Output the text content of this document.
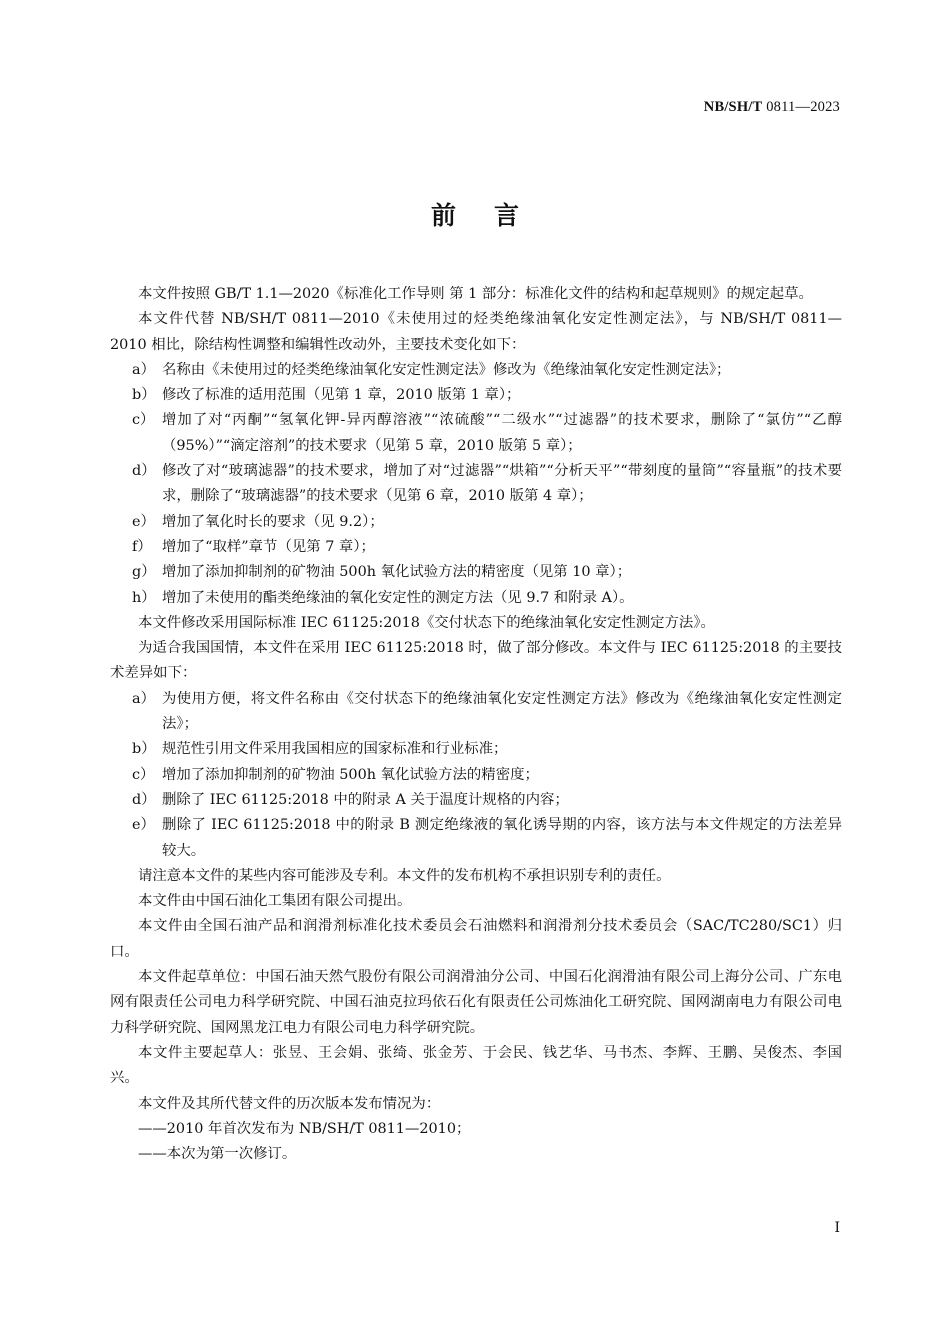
NB/SH/T 0811—2023
前言

本文件按照 GB/T 1.1—2020《标准化工作导则 第 1 部分：标准化文件的结构和起草规则》的规定起草。

本文件代替 NB/SH/T 0811—2010《未使用过的烃类绝缘油氧化安定性测定法》，与 NB/SH/T 0811—2010 相比，除结构性调整和编辑性改动外，主要技术变化如下：

a） 名称由《未使用过的烃类绝缘油氧化安定性测定法》修改为《绝缘油氧化安定性测定法》；
b） 修改了标准的适用范围（见第 1 章，2010 版第 1 章）；
c） 增加了对“丙酮”“氢氧化钾-异丙醇溶液”“浓硫酸”“二级水”“过滤器”的技术要求，删除了“氯仿”“乙醇（95%）”“滴定溶剂”的技术要求（见第 5 章，2010 版第 5 章）；
d） 修改了对“玻璃滤器”的技术要求，增加了对“过滤器”“烘箱”“分析天平”“带刻度的量筒”“容量瓶”的技术要求，删除了“玻璃滤器”的技术要求（见第 6 章，2010 版第 4 章）；
e） 增加了氧化时长的要求（见 9.2）；
f） 增加了“取样”章节（见第 7 章）；
g） 增加了添加抑制剂的矿物油 500h 氧化试验方法的精密度（见第 10 章）；
h） 增加了未使用的酯类绝缘油的氧化安定性的测定方法（见 9.7 和附录 A）。

本文件修改采用国际标准 IEC 61125:2018《交付状态下的绝缘油氧化安定性测定方法》。

为适合我国国情，本文件在采用 IEC 61125:2018 时，做了部分修改。本文件与 IEC 61125:2018 的主要技术差异如下：

a） 为使用方便，将文件名称由《交付状态下的绝缘油氧化安定性测定方法》修改为《绝缘油氧化安定性测定法》；
b） 规范性引用文件采用我国相应的国家标准和行业标准；
c） 增加了添加抑制剂的矿物油 500h 氧化试验方法的精密度；
d） 删除了 IEC 61125:2018 中的附录 A 关于温度计规格的内容；
e） 删除了 IEC 61125:2018 中的附录 B 测定绝缘液的氧化诱导期的内容，该方法与本文件规定的方法差异较大。

请注意本文件的某些内容可能涉及专利。本文件的发布机构不承担识别专利的责任。

本文件由中国石油化工集团有限公司提出。

本文件由全国石油产品和润滑剂标准化技术委员会石油燃料和润滑剂分技术委员会（SAC/TC280/SC1）归口。

本文件起草单位：中国石油天然气股份有限公司润滑油分公司、中国石化润滑油有限公司上海分公司、广东电网有限责任公司电力科学研究院、中国石油克拉玛依石化有限责任公司炼油化工研究院、国网湖南电力有限公司电力科学研究院、国网黑龙江电力有限公司电力科学研究院。

本文件主要起草人：张昱、王会娟、张绮、张金芳、于会民、钱艺华、马书杰、李辉、王鹏、吴俊杰、李国兴。

本文件及其所代替文件的历次版本发布情况为：

——2010 年首次发布为 NB/SH/T 0811—2010；

——本次为第一次修订。

I
